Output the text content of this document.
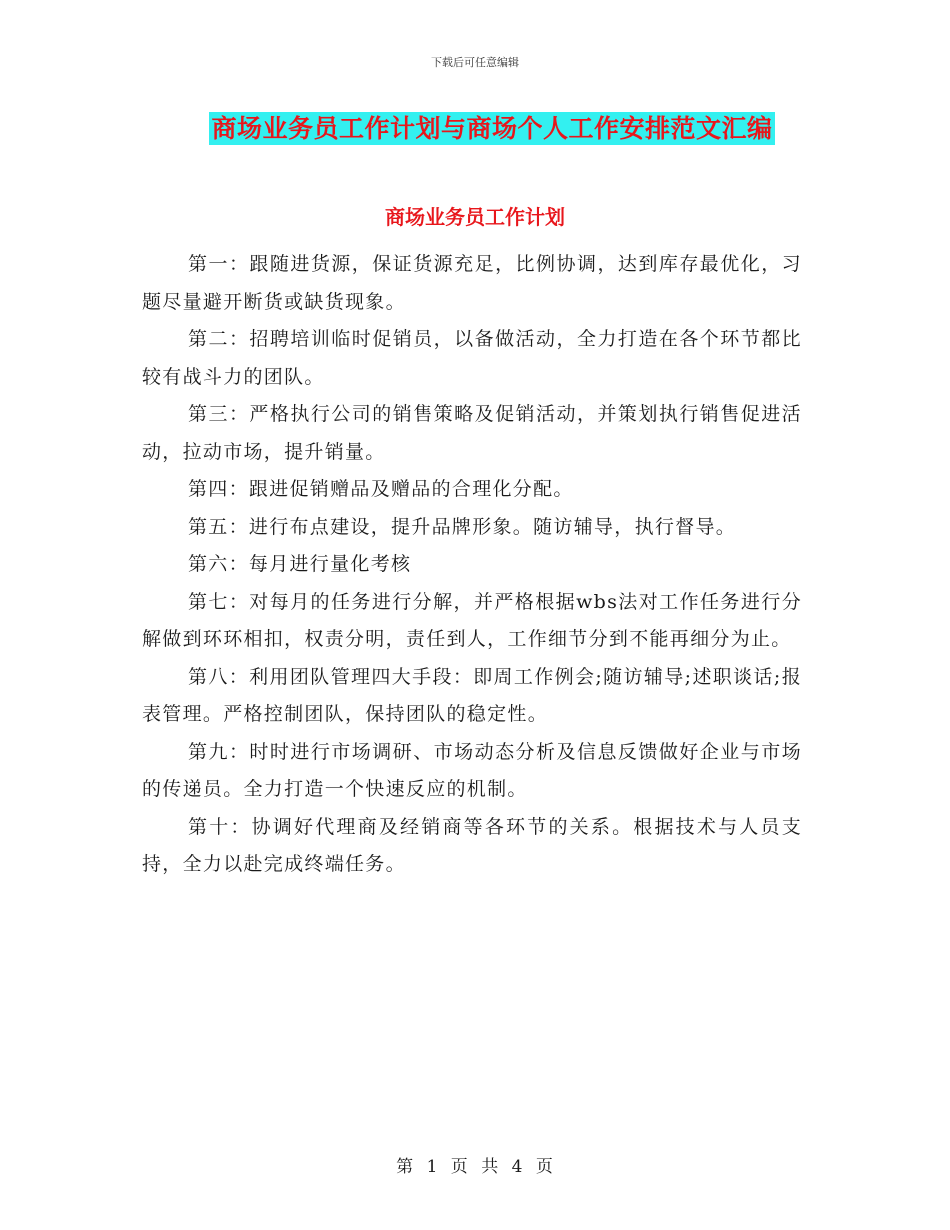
下载后可任意编辑
商场业务员工作计划与商场个人工作安排范文汇编
商场业务员工作计划

第一：跟随进货源，保证货源充足，比例协调，达到库存最优化，习题尽量避开断货或缺货现象。

第二：招聘培训临时促销员，以备做活动，全力打造在各个环节都比较有战斗力的团队。

第三：严格执行公司的销售策略及促销活动，并策划执行销售促进活动，拉动市场，提升销量。

第四：跟进促销赠品及赠品的合理化分配。

第五：进行布点建设，提升品牌形象。随访辅导，执行督导。

第六：每月进行量化考核

第七：对每月的任务进行分解，并严格根据wbs法对工作任务进行分解做到环环相扣，权责分明，责任到人，工作细节分到不能再细分为止。

第八：利用团队管理四大手段：即周工作例会;随访辅导;述职谈话;报表管理。严格控制团队，保持团队的稳定性。

第九：时时进行市场调研、市场动态分析及信息反馈做好企业与市场的传递员。全力打造一个快速反应的机制。

第十：协调好代理商及经销商等各环节的关系。根据技术与人员支持，全力以赴完成终端任务。

第 1 页 共 4 页
